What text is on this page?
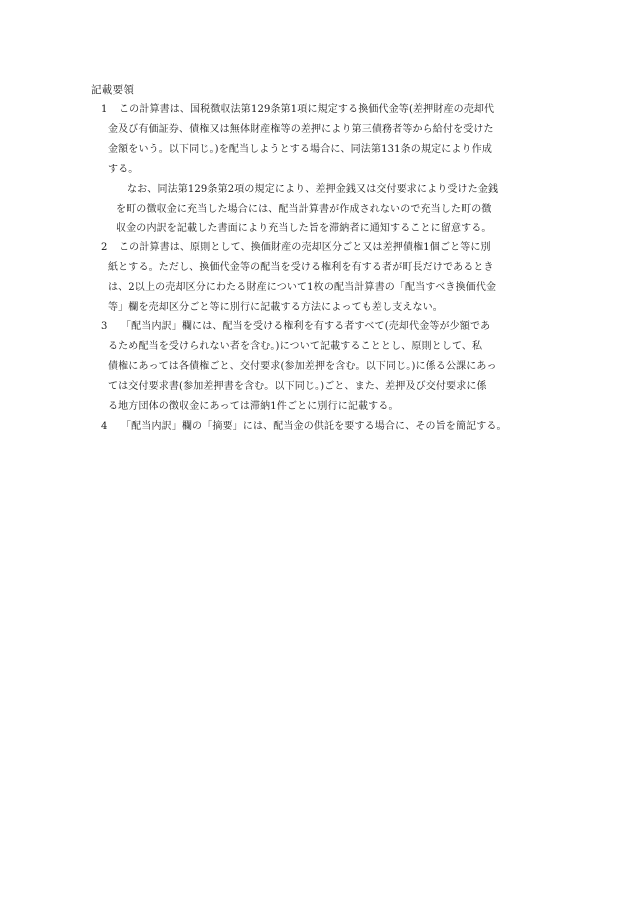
記載要領
1 この計算書は、国税徴収法第129条第1項に規定する換価代金等(差押財産の売却代
金及び有価証券、債権又は無体財産権等の差押により第三債務者等から給付を受けた
金額をいう。以下同じ。)を配当しようとする場合に、同法第131条の規定により作成
する。
なお、同法第129条第2項の規定により、差押金銭又は交付要求により受けた金銭
を町の徴収金に充当した場合には、配当計算書が作成されないので充当した町の徴
収金の内訳を記載した書面により充当した旨を滞納者に通知することに留意する。
2 この計算書は、原則として、換価財産の売却区分ごと又は差押債権1個ごと等に別
紙とする。ただし、換価代金等の配当を受ける権利を有する者が町長だけであるとき
は、2以上の売却区分にわたる財産について1枚の配当計算書の「配当すべき換価代金
等」欄を売却区分ごと等に別行に記載する方法によっても差し支えない。
3 「配当内訳」欄には、配当を受ける権利を有する者すべて(売却代金等が少額であ
るため配当を受けられない者を含む。)について記載することとし、原則として、私
債権にあっては各債権ごと、交付要求(参加差押を含む。以下同じ。)に係る公課にあっ
ては交付要求書(参加差押書を含む。以下同じ。)ごと、また、差押及び交付要求に係
る地方団体の徴収金にあっては滞納1件ごとに別行に記載する。
4 「配当内訳」欄の「摘要」には、配当金の供託を要する場合に、その旨を簡記する。
